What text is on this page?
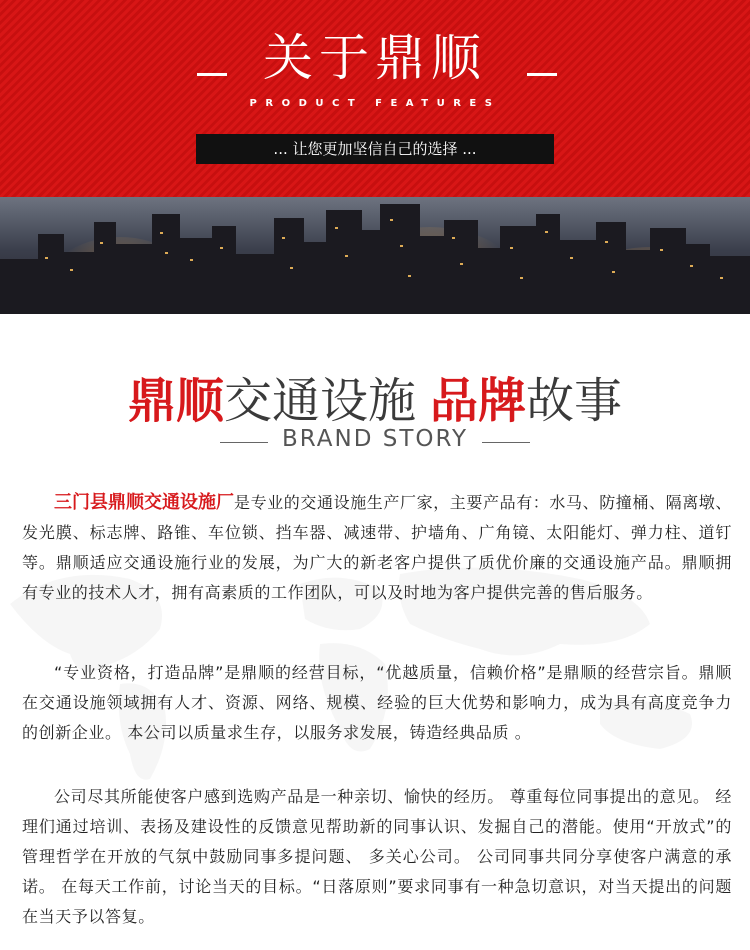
关于鼎顺
PRODUCT FEATURES
... 让您更加坚信自己的选择 ...
鼎顺交通设施 品牌故事
BRAND STORY

三门县鼎顺交通设施厂是专业的交通设施生产厂家，主要产品有：水马、防撞桶、隔离墩、发光膜、标志牌、路锥、车位锁、挡车器、减速带、护墙角、广角镜、太阳能灯、弹力柱、道钉等。鼎顺适应交通设施行业的发展，为广大的新老客户提供了质优价廉的交通设施产品。鼎顺拥有专业的技术人才，拥有高素质的工作团队，可以及时地为客户提供完善的售后服务。

“专业资格，打造品牌”是鼎顺的经营目标，“优越质量，信赖价格”是鼎顺的经营宗旨。鼎顺在交通设施领域拥有人才、资源、网络、规模、经验的巨大优势和影响力，成为具有高度竞争力的创新企业。 本公司以质量求生存，以服务求发展，铸造经典品质 。

公司尽其所能使客户感到选购产品是一种亲切、愉快的经历。 尊重每位同事提出的意见。 经理们通过培训、表扬及建设性的反馈意见帮助新的同事认识、发掘自己的潜能。使用“开放式”的管理哲学在开放的气氛中鼓励同事多提问题、 多关心公司。 公司同事共同分享使客户满意的承诺。 在每天工作前，讨论当天的目标。“日落原则”要求同事有一种急切意识，对当天提出的问题在当天予以答复。
